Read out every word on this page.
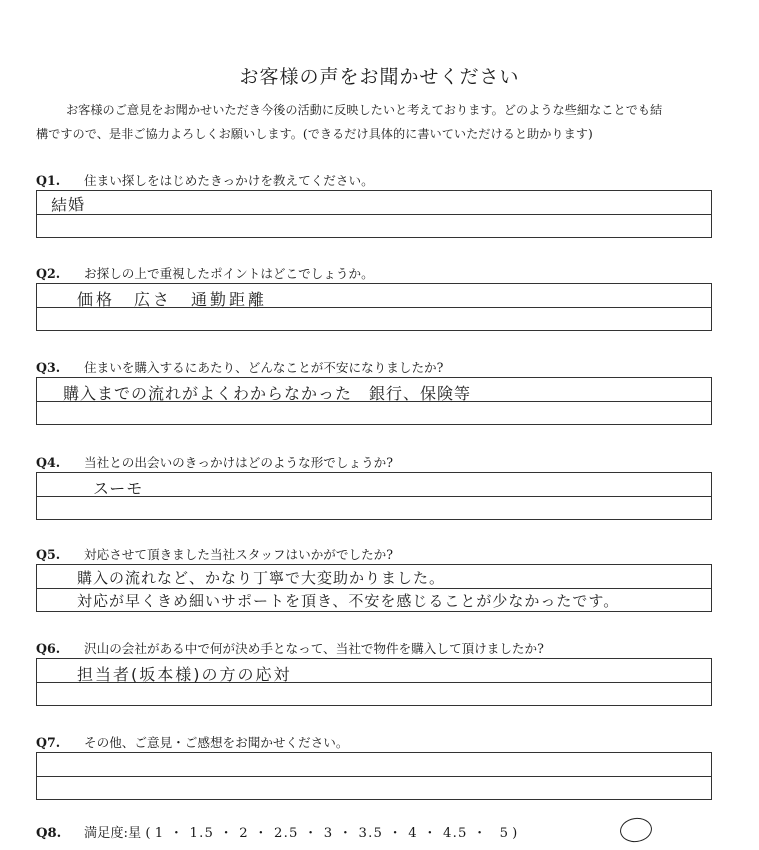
お客様の声をお聞かせください
お客様のご意見をお聞かせいただき今後の活動に反映したいと考えております。どのような些細なことでも結
構ですので、是非ご協力よろしくお願いします。(できるだけ具体的に書いていただけると助かります)
Q1. 住まい探しをはじめたきっかけを教えてください。
結婚
Q2. お探しの上で重視したポイントはどこでしょうか。
価格　広さ　通勤距離
Q3. 住まいを購入するにあたり、どんなことが不安になりましたか?
購入までの流れがよくわからなかった　銀行、保険等
Q4. 当社との出会いのきっかけはどのような形でしょうか?
スーモ
Q5. 対応させて頂きました当社スタッフはいかがでしたか?
購入の流れなど、かなり丁寧で大変助かりました。
対応が早くきめ細いサポートを頂き、不安を感じることが少なかったです。
Q6. 沢山の会社がある中で何が決め手となって、当社で物件を購入して頂けましたか?
担当者(坂本様)の方の応対
Q7. その他、ご意見・ご感想をお聞かせください。
Q8. 満足度:星 ( 1 ・ 1.5 ・ 2 ・ 2.5 ・ 3 ・ 3.5 ・ 4 ・ 4.5 ・ 5 )
